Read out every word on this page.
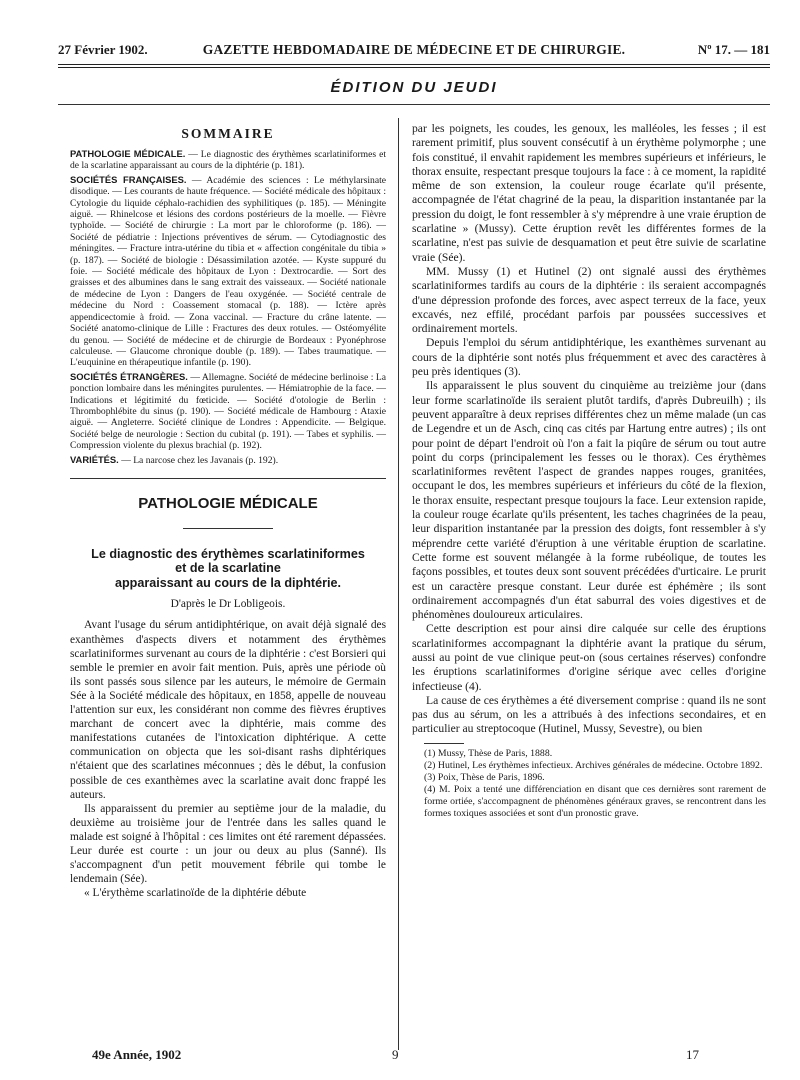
27 Février 1902.	GAZETTE HEBDOMADAIRE DE MÉDECINE ET DE CHIRURGIE.	Nº 17. — 181
ÉDITION DU JEUDI
SOMMAIRE

PATHOLOGIE MÉDICALE. — Le diagnostic des érythèmes scarlatiniformes et de la scarlatine apparaissant au cours de la diphtérie (p. 181).

SOCIÉTÉS FRANÇAISES. — Académie des sciences : Le méthylarsinate disodique. — Les courants de haute fréquence. — Société médicale des hôpitaux : Cytologie du liquide céphalo-rachidien des syphilitiques (p. 185). — Méningite aiguë. — Rhinelcose et lésions des cordons postérieurs de la moelle. — Fièvre typhoïde. — Société de chirurgie : La mort par le chloroforme (p. 186). — Société de pédiatrie : Injections préventives de sérum. — Cytodiagnostic des méningites. — Fracture intra-utérine du tibia et « affection congénitale du tibia » (p. 187). — Société de biologie : Désassimilation azotée. — Kyste suppuré du foie. — Société médicale des hôpitaux de Lyon : Dextrocardie. — Sort des graisses et des albumines dans le sang extrait des vaisseaux. — Société nationale de médecine de Lyon : Dangers de l'eau oxygénée. — Société centrale de médecine du Nord : Coassement stomacal (p. 188). — Ictère après appendicectomie à froid. — Zona vaccinal. — Fracture du crâne latente. — Société anatomo-clinique de Lille : Fractures des deux rotules. — Ostéomyélite du genou. — Société de médecine et de chirurgie de Bordeaux : Pyonéphrose calculeuse. — Glaucome chronique double (p. 189). — Tabes traumatique. — L'euquinine en thérapeutique infantile (p. 190).

SOCIÉTÉS ÉTRANGÈRES. — Allemagne. Société de médecine berlinoise : La ponction lombaire dans les méningites purulentes. — Hémiatrophie de la face. — Indications et légitimité du fœticide. — Société d'otologie de Berlin : Thrombophlébite du sinus (p. 190). — Société médicale de Hambourg : Ataxie aiguë. — Angleterre. Société clinique de Londres : Appendicite. — Belgique. Société belge de neurologie : Section du cubital (p. 191). — Tabes et syphilis. — Compression violente du plexus brachial (p. 192).

VARIÉTÉS. — La narcose chez les Javanais (p. 192).

PATHOLOGIE MÉDICALE
Le diagnostic des érythèmes scarlatiniformes
et de la scarlatine
apparaissant au cours de la diphtérie.
D'après le Dr Lobligeois.

Avant l'usage du sérum antidiphtérique, on avait déjà signalé des exanthèmes d'aspects divers et notamment des érythèmes scarlatiniformes survenant au cours de la diphtérie : c'est Borsieri qui semble le premier en avoir fait mention. Puis, après une période où ils sont passés sous silence par les auteurs, le mémoire de Germain Sée à la Société médicale des hôpitaux, en 1858, appelle de nouveau l'attention sur eux, les considérant non comme des fièvres éruptives marchant de concert avec la diphtérie, mais comme des manifestations cutanées de l'intoxication diphtérique. A cette communication on objecta que les soi-disant rashs diphtériques n'étaient que des scarlatines méconnues ; dès le début, la confusion possible de ces exanthèmes avec la scarlatine avait donc frappé les auteurs.

Ils apparaissent du premier au septième jour de la maladie, du deuxième au troisième jour de l'entrée dans les salles quand le malade est soigné à l'hôpital : ces limites ont été rarement dépassées. Leur durée est courte : un jour ou deux au plus (Sanné). Ils s'accompagnent d'un petit mouvement fébrile qui tombe le lendemain (Sée).

« L'érythème scarlatinoïde de la diphtérie débute

par les poignets, les coudes, les genoux, les malléoles, les fesses ; il est rarement primitif, plus souvent consécutif à un érythème polymorphe ; une fois constitué, il envahit rapidement les membres supérieurs et inférieurs, le thorax ensuite, respectant presque toujours la face : à ce moment, la rapidité même de son extension, la couleur rouge écarlate qu'il présente, accompagnée de l'état chagriné de la peau, la disparition instantanée par la pression du doigt, le font ressembler à s'y méprendre à une vraie éruption de scarlatine » (Mussy). Cette éruption revêt les différentes formes de la scarlatine, n'est pas suivie de desquamation et peut être suivie de scarlatine vraie (Sée).

MM. Mussy (1) et Hutinel (2) ont signalé aussi des érythèmes scarlatiniformes tardifs au cours de la diphtérie : ils seraient accompagnés d'une dépression profonde des forces, avec aspect terreux de la face, yeux excavés, nez effilé, procédant parfois par poussées successives et ordinairement mortels.

Depuis l'emploi du sérum antidiphtérique, les exanthèmes survenant au cours de la diphtérie sont notés plus fréquemment et avec des caractères à peu près identiques (3).

Ils apparaissent le plus souvent du cinquième au treizième jour (dans leur forme scarlatinoïde ils seraient plutôt tardifs, d'après Dubreuilh) ; ils peuvent apparaître à deux reprises différentes chez un même malade (un cas de Legendre et un de Asch, cinq cas cités par Hartung entre autres) ; ils ont pour point de départ l'endroit où l'on a fait la piqûre de sérum ou tout autre point du corps (principalement les fesses ou le thorax). Ces érythèmes scarlatiniformes revêtent l'aspect de grandes nappes rouges, granitées, occupant le dos, les membres supérieurs et inférieurs du côté de la flexion, le thorax ensuite, respectant presque toujours la face. Leur extension rapide, la couleur rouge écarlate qu'ils présentent, les taches chagrinées de la peau, leur disparition instantanée par la pression des doigts, font ressembler à s'y méprendre cette variété d'éruption à une véritable éruption de scarlatine. Cette forme est souvent mélangée à la forme rubéolique, de toutes les façons possibles, et toutes deux sont souvent précédées d'urticaire. Le prurit est un caractère presque constant. Leur durée est éphémère ; ils sont ordinairement accompagnés d'un état saburral des voies digestives et de phénomènes douloureux articulaires.

Cette description est pour ainsi dire calquée sur celle des éruptions scarlatiniformes accompagnant la diphtérie avant la pratique du sérum, aussi au point de vue clinique peut-on (sous certaines réserves) confondre les éruptions scarlatiniformes d'origine sérique avec celles d'origine infectieuse (4).

La cause de ces érythèmes a été diversement comprise : quand ils ne sont pas dus au sérum, on les a attribués à des infections secondaires, et en particulier au streptocoque (Hutinel, Mussy, Sevestre), ou bien

(1) Mussy, Thèse de Paris, 1888.

(2) Hutinel, Les érythèmes infectieux. Archives générales de médecine. Octobre 1892.

(3) Poix, Thèse de Paris, 1896.

(4) M. Poix a tenté une différenciation en disant que ces dernières sont rarement de forme ortiée, s'accompagnent de phénomènes généraux graves, se rencontrent dans les formes toxiques associées et sont d'un pronostic grave.

49e Année, 1902	9	17
